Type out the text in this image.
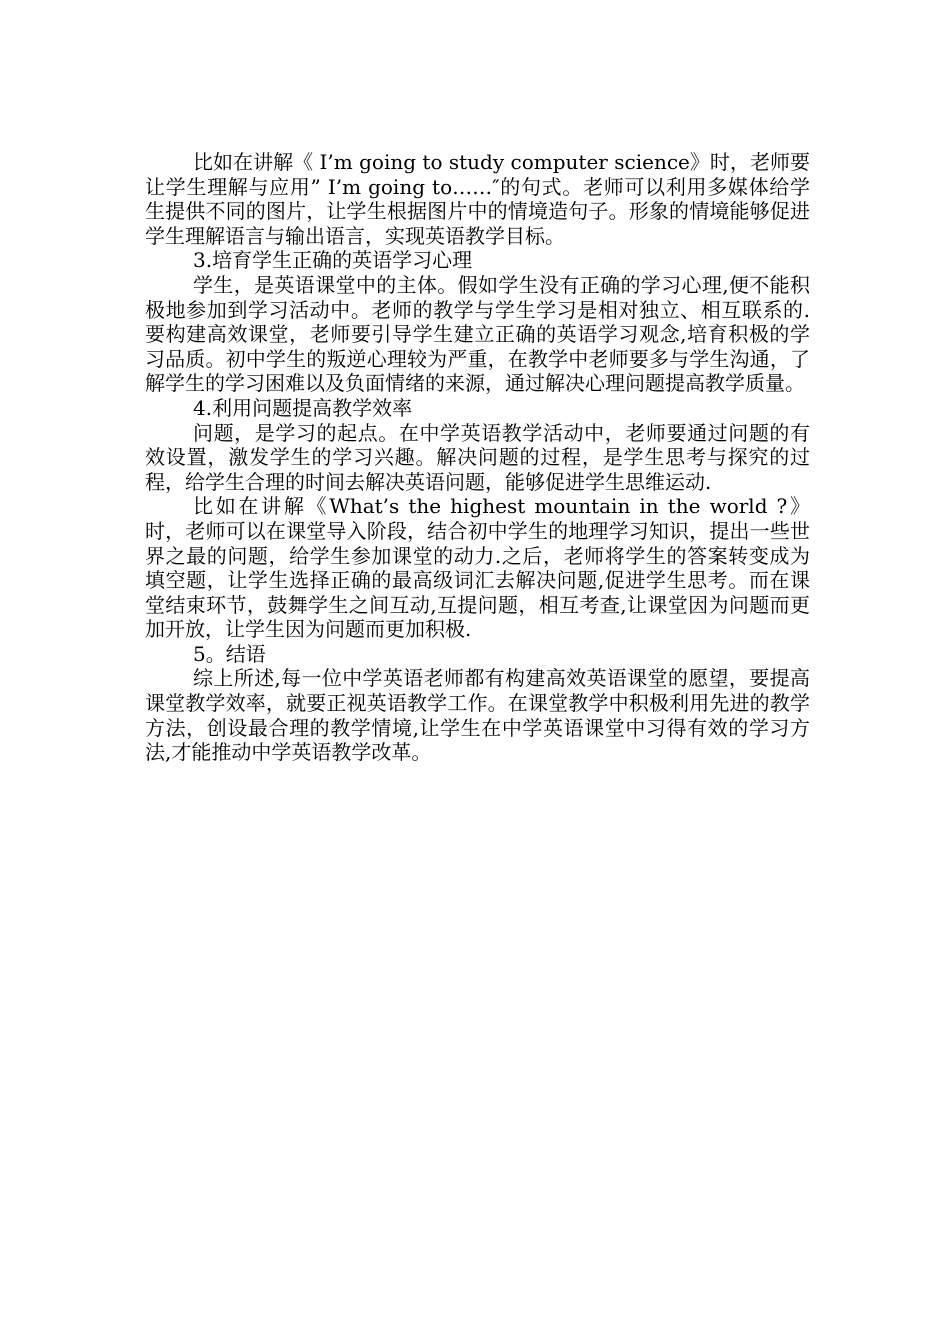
比如在讲解《 I’m going to study computer science》时，老师要让学生理解与应用” I’m going to……″的句式。老师可以利用多媒体给学生提供不同的图片，让学生根据图片中的情境造句子。形象的情境能够促进学生理解语言与输出语言，实现英语教学目标。

3.培育学生正确的英语学习心理

学生，是英语课堂中的主体。假如学生没有正确的学习心理,便不能积极地参加到学习活动中。老师的教学与学生学习是相对独立、相互联系的.要构建高效课堂，老师要引导学生建立正确的英语学习观念,培育积极的学习品质。初中学生的叛逆心理较为严重，在教学中老师要多与学生沟通，了解学生的学习困难以及负面情绪的来源，通过解决心理问题提高教学质量。

4.利用问题提高教学效率

问题，是学习的起点。在中学英语教学活动中，老师要通过问题的有效设置，激发学生的学习兴趣。解决问题的过程，是学生思考与探究的过程，给学生合理的时间去解决英语问题，能够促进学生思维运动.

比如在讲解《What’s the highest mountain in the world ?》时，老师可以在课堂导入阶段，结合初中学生的地理学习知识，提出一些世界之最的问题，给学生参加课堂的动力.之后，老师将学生的答案转变成为填空题，让学生选择正确的最高级词汇去解决问题,促进学生思考。而在课堂结束环节，鼓舞学生之间互动,互提问题，相互考查,让课堂因为问题而更加开放，让学生因为问题而更加积极.

5。结语

综上所述,每一位中学英语老师都有构建高效英语课堂的愿望，要提高课堂教学效率，就要正视英语教学工作。在课堂教学中积极利用先进的教学方法，创设最合理的教学情境,让学生在中学英语课堂中习得有效的学习方法,才能推动中学英语教学改革。
